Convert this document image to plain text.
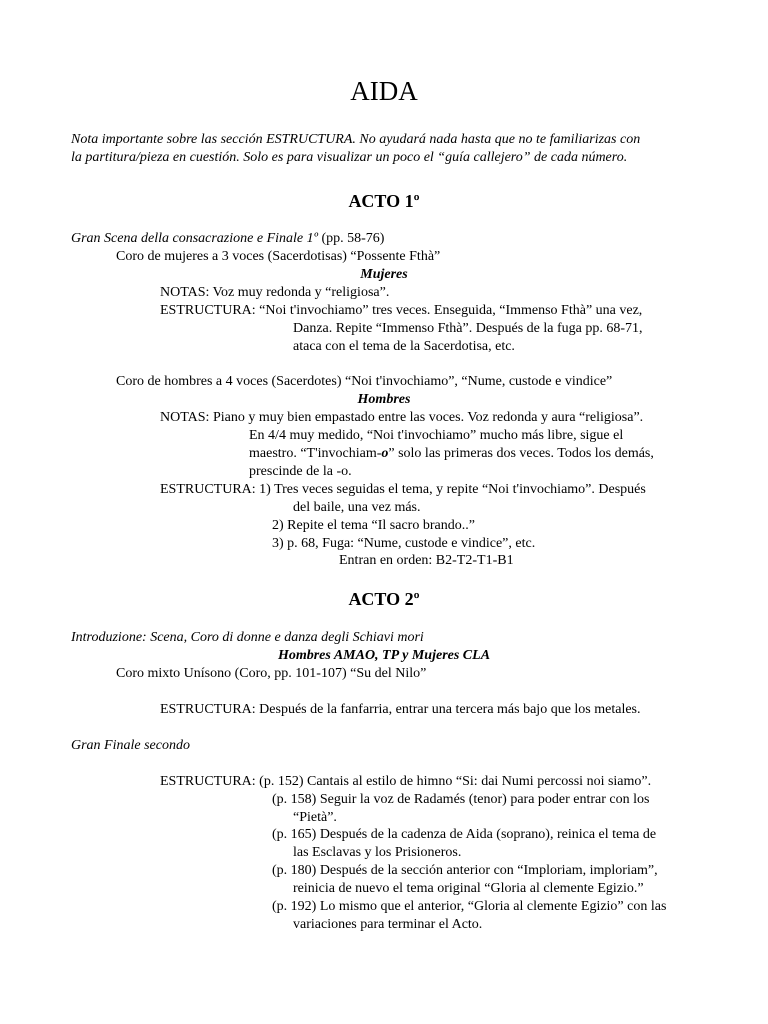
AIDA
Nota importante sobre las sección ESTRUCTURA. No ayudará nada hasta que no te familiarizas con
la partitura/pieza en cuestión. Solo es para visualizar un poco el “guía callejero” de cada número.
ACTO 1º
Gran Scena della consacrazione e Finale 1º (pp. 58-76)
Coro de mujeres a 3 voces (Sacerdotisas) “Possente Fthà”
Mujeres
NOTAS: Voz muy redonda y “religiosa”.
ESTRUCTURA: “Noi t'invochiamo” tres veces. Enseguida, “Immenso Fthà” una vez,
Danza. Repite “Immenso Fthà”. Después de la fuga pp. 68-71,
ataca con el tema de la Sacerdotisa, etc.
Coro de hombres a 4 voces (Sacerdotes) “Noi t'invochiamo”, “Nume, custode e vindice”
Hombres
NOTAS: Piano y muy bien empastado entre las voces. Voz redonda y aura “religiosa”.
En 4/4 muy medido, “Noi t'invochiamo” mucho más libre, sigue el
maestro. “T'invochiam-o” solo las primeras dos veces. Todos los demás,
prescinde de la -o.
ESTRUCTURA: 1) Tres veces seguidas el tema, y repite “Noi t'invochiamo”. Después
del baile, una vez más.
2) Repite el tema “Il sacro brando..”
3) p. 68, Fuga: “Nume, custode e vindice”, etc.
Entran en orden: B2-T2-T1-B1
ACTO 2º
Introduzione: Scena, Coro di donne e danza degli Schiavi mori
Hombres AMAO, TP y Mujeres CLA
Coro mixto Unísono (Coro, pp. 101-107) “Su del Nilo”
ESTRUCTURA: Después de la fanfarria, entrar una tercera más bajo que los metales.
Gran Finale secondo
ESTRUCTURA: (p. 152) Cantais al estilo de himno “Si: dai Numi percossi noi siamo”.
(p. 158) Seguir la voz de Radamés (tenor) para poder entrar con los
“Pietà”.
(p. 165) Después de la cadenza de Aida (soprano), reinica el tema de
las Esclavas y los Prisioneros.
(p. 180) Después de la sección anterior con “Imploriam, imploriam”,
reinicia de nuevo el tema original “Gloria al clemente Egizio.”
(p. 192) Lo mismo que el anterior, “Gloria al clemente Egizio” con las
variaciones para terminar el Acto.
